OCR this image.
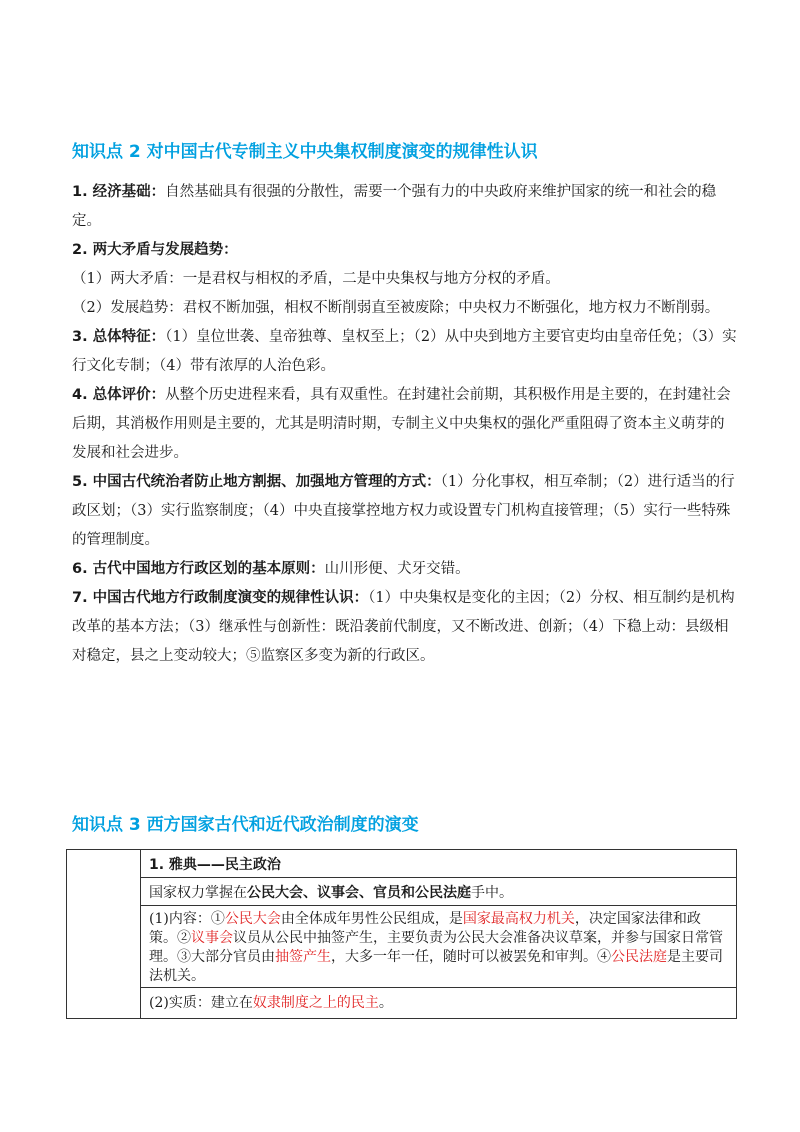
知识点 2 对中国古代专制主义中央集权制度演变的规律性认识

1. 经济基础：自然基础具有很强的分散性，需要一个强有力的中央政府来维护国家的统一和社会的稳定。

2. 两大矛盾与发展趋势：

（1）两大矛盾：一是君权与相权的矛盾，二是中央集权与地方分权的矛盾。

（2）发展趋势：君权不断加强，相权不断削弱直至被废除；中央权力不断强化，地方权力不断削弱。

3. 总体特征：（1）皇位世袭、皇帝独尊、皇权至上；（2）从中央到地方主要官吏均由皇帝任免；（3）实行文化专制；（4）带有浓厚的人治色彩。

4. 总体评价：从整个历史进程来看，具有双重性。在封建社会前期，其积极作用是主要的，在封建社会后期，其消极作用则是主要的，尤其是明清时期，专制主义中央集权的强化严重阻碍了资本主义萌芽的发展和社会进步。

5. 中国古代统治者防止地方割据、加强地方管理的方式：（1）分化事权，相互牵制；（2）进行适当的行政区划；（3）实行监察制度；（4）中央直接掌控地方权力或设置专门机构直接管理；（5）实行一些特殊的管理制度。

6. 古代中国地方行政区划的基本原则：山川形便、犬牙交错。

7. 中国古代地方行政制度演变的规律性认识：（1）中央集权是变化的主因；（2）分权、相互制约是机构改革的基本方法；（3）继承性与创新性：既沿袭前代制度，又不断改进、创新；（4）下稳上动：县级相对稳定，县之上变动较大；⑤监察区多变为新的行政区。

知识点 3 西方国家古代和近代政治制度的演变
1. 雅典——民主政治
国家权力掌握在公民大会、议事会、官员和公民法庭手中。
(1)内容：①公民大会由全体成年男性公民组成，是国家最高权力机关，决定国家法律和政策。②议事会议员从公民中抽签产生，主要负责为公民大会准备决议草案，并参与国家日常管理。③大部分官员由抽签产生，大多一年一任，随时可以被罢免和审判。④公民法庭是主要司法机关。
(2)实质：建立在奴隶制度之上的民主。
